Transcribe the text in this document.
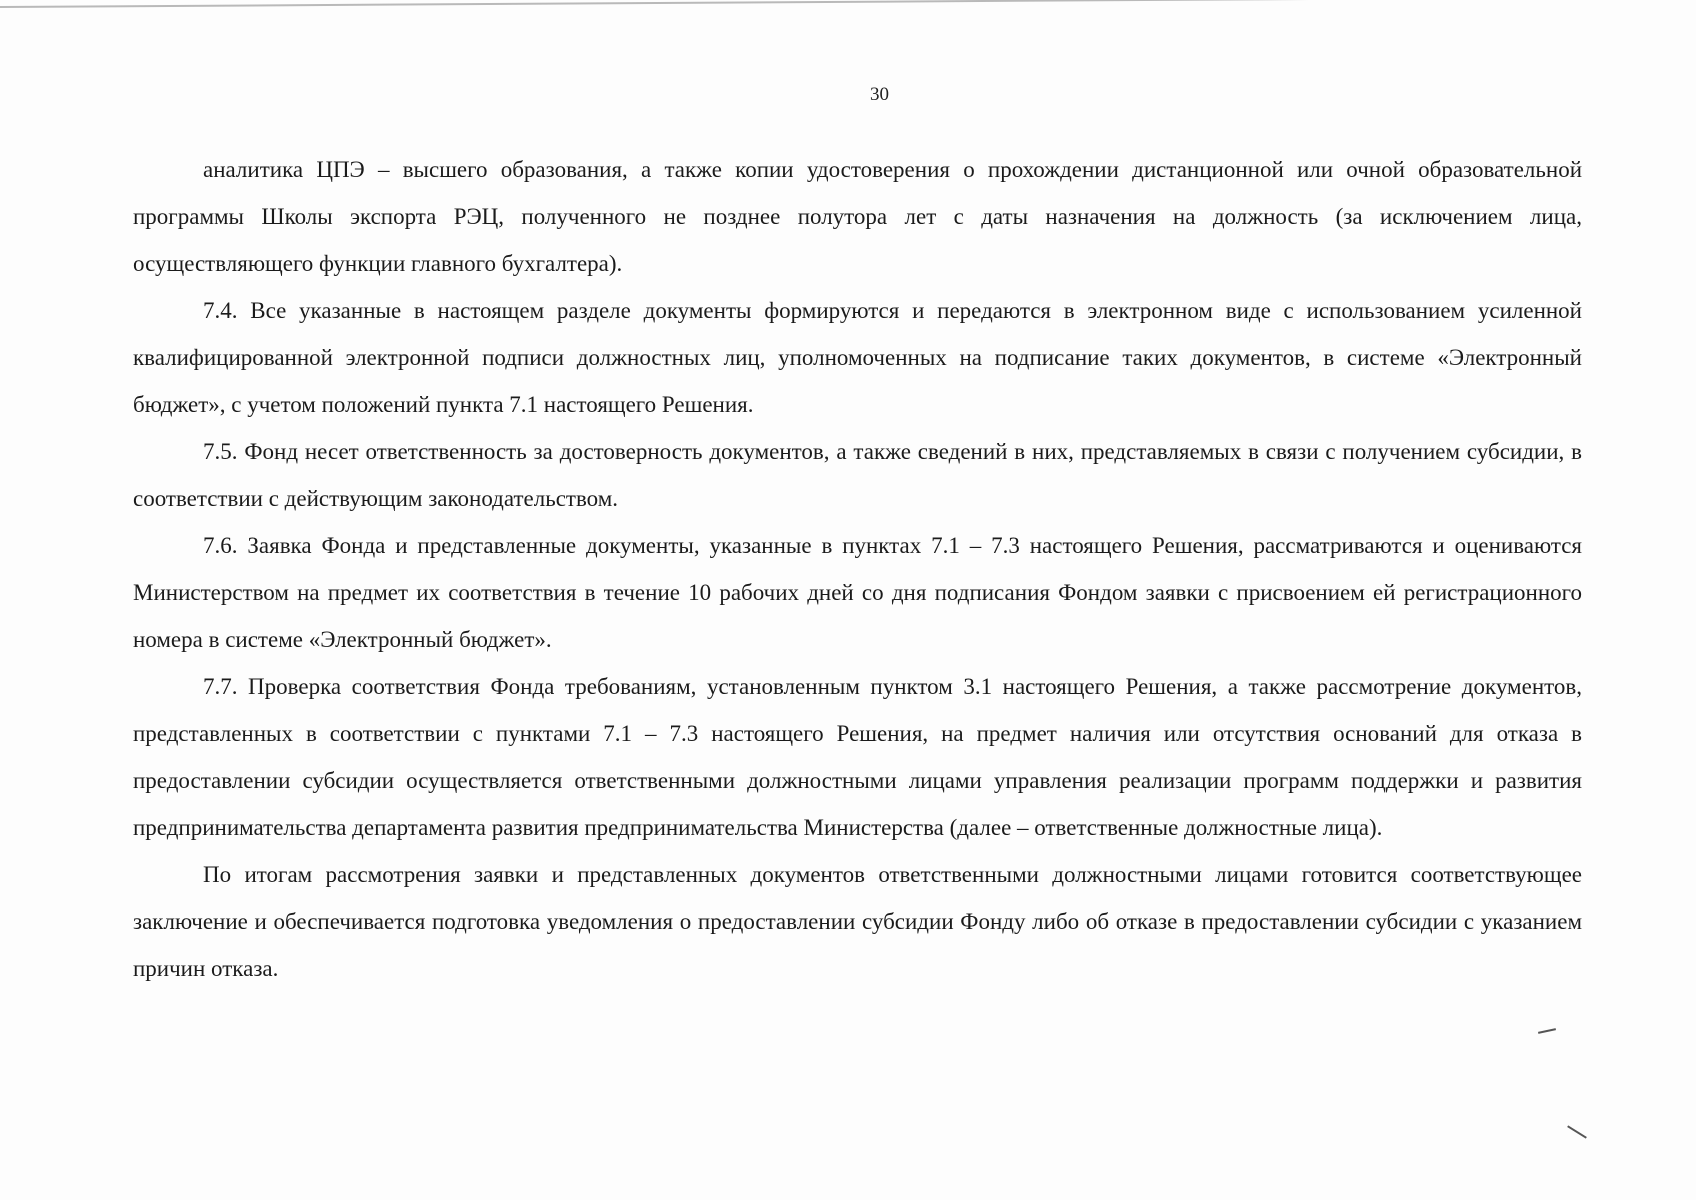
30

аналитика ЦПЭ – высшего образования, а также копии удостоверения о прохождении дистанционной или очной образовательной программы Школы экспорта РЭЦ, полученного не позднее полутора лет с даты назначения на должность (за исключением лица, осуществляющего функции главного бухгалтера).

7.4. Все указанные в настоящем разделе документы формируются и передаются в электронном виде с использованием усиленной квалифицированной электронной подписи должностных лиц, уполномоченных на подписание таких документов, в системе «Электронный бюджет», с учетом положений пункта 7.1 настоящего Решения.

7.5. Фонд несет ответственность за достоверность документов, а также сведений в них, представляемых в связи с получением субсидии, в соответствии с действующим законодательством.

7.6. Заявка Фонда и представленные документы, указанные в пунктах 7.1 – 7.3 настоящего Решения, рассматриваются и оцениваются Министерством на предмет их соответствия в течение 10 рабочих дней со дня подписания Фондом заявки с присвоением ей регистрационного номера в системе «Электронный бюджет».

7.7. Проверка соответствия Фонда требованиям, установленным пунктом 3.1 настоящего Решения, а также рассмотрение документов, представленных в соответствии с пунктами 7.1 – 7.3 настоящего Решения, на предмет наличия или отсутствия оснований для отказа в предоставлении субсидии осуществляется ответственными должностными лицами управления реализации программ поддержки и развития предпринимательства департамента развития предпринимательства Министерства (далее – ответственные должностные лица).

По итогам рассмотрения заявки и представленных документов ответственными должностными лицами готовится соответствующее заключение и обеспечивается подготовка уведомления о предоставлении субсидии Фонду либо об отказе в предоставлении субсидии с указанием причин отказа.
